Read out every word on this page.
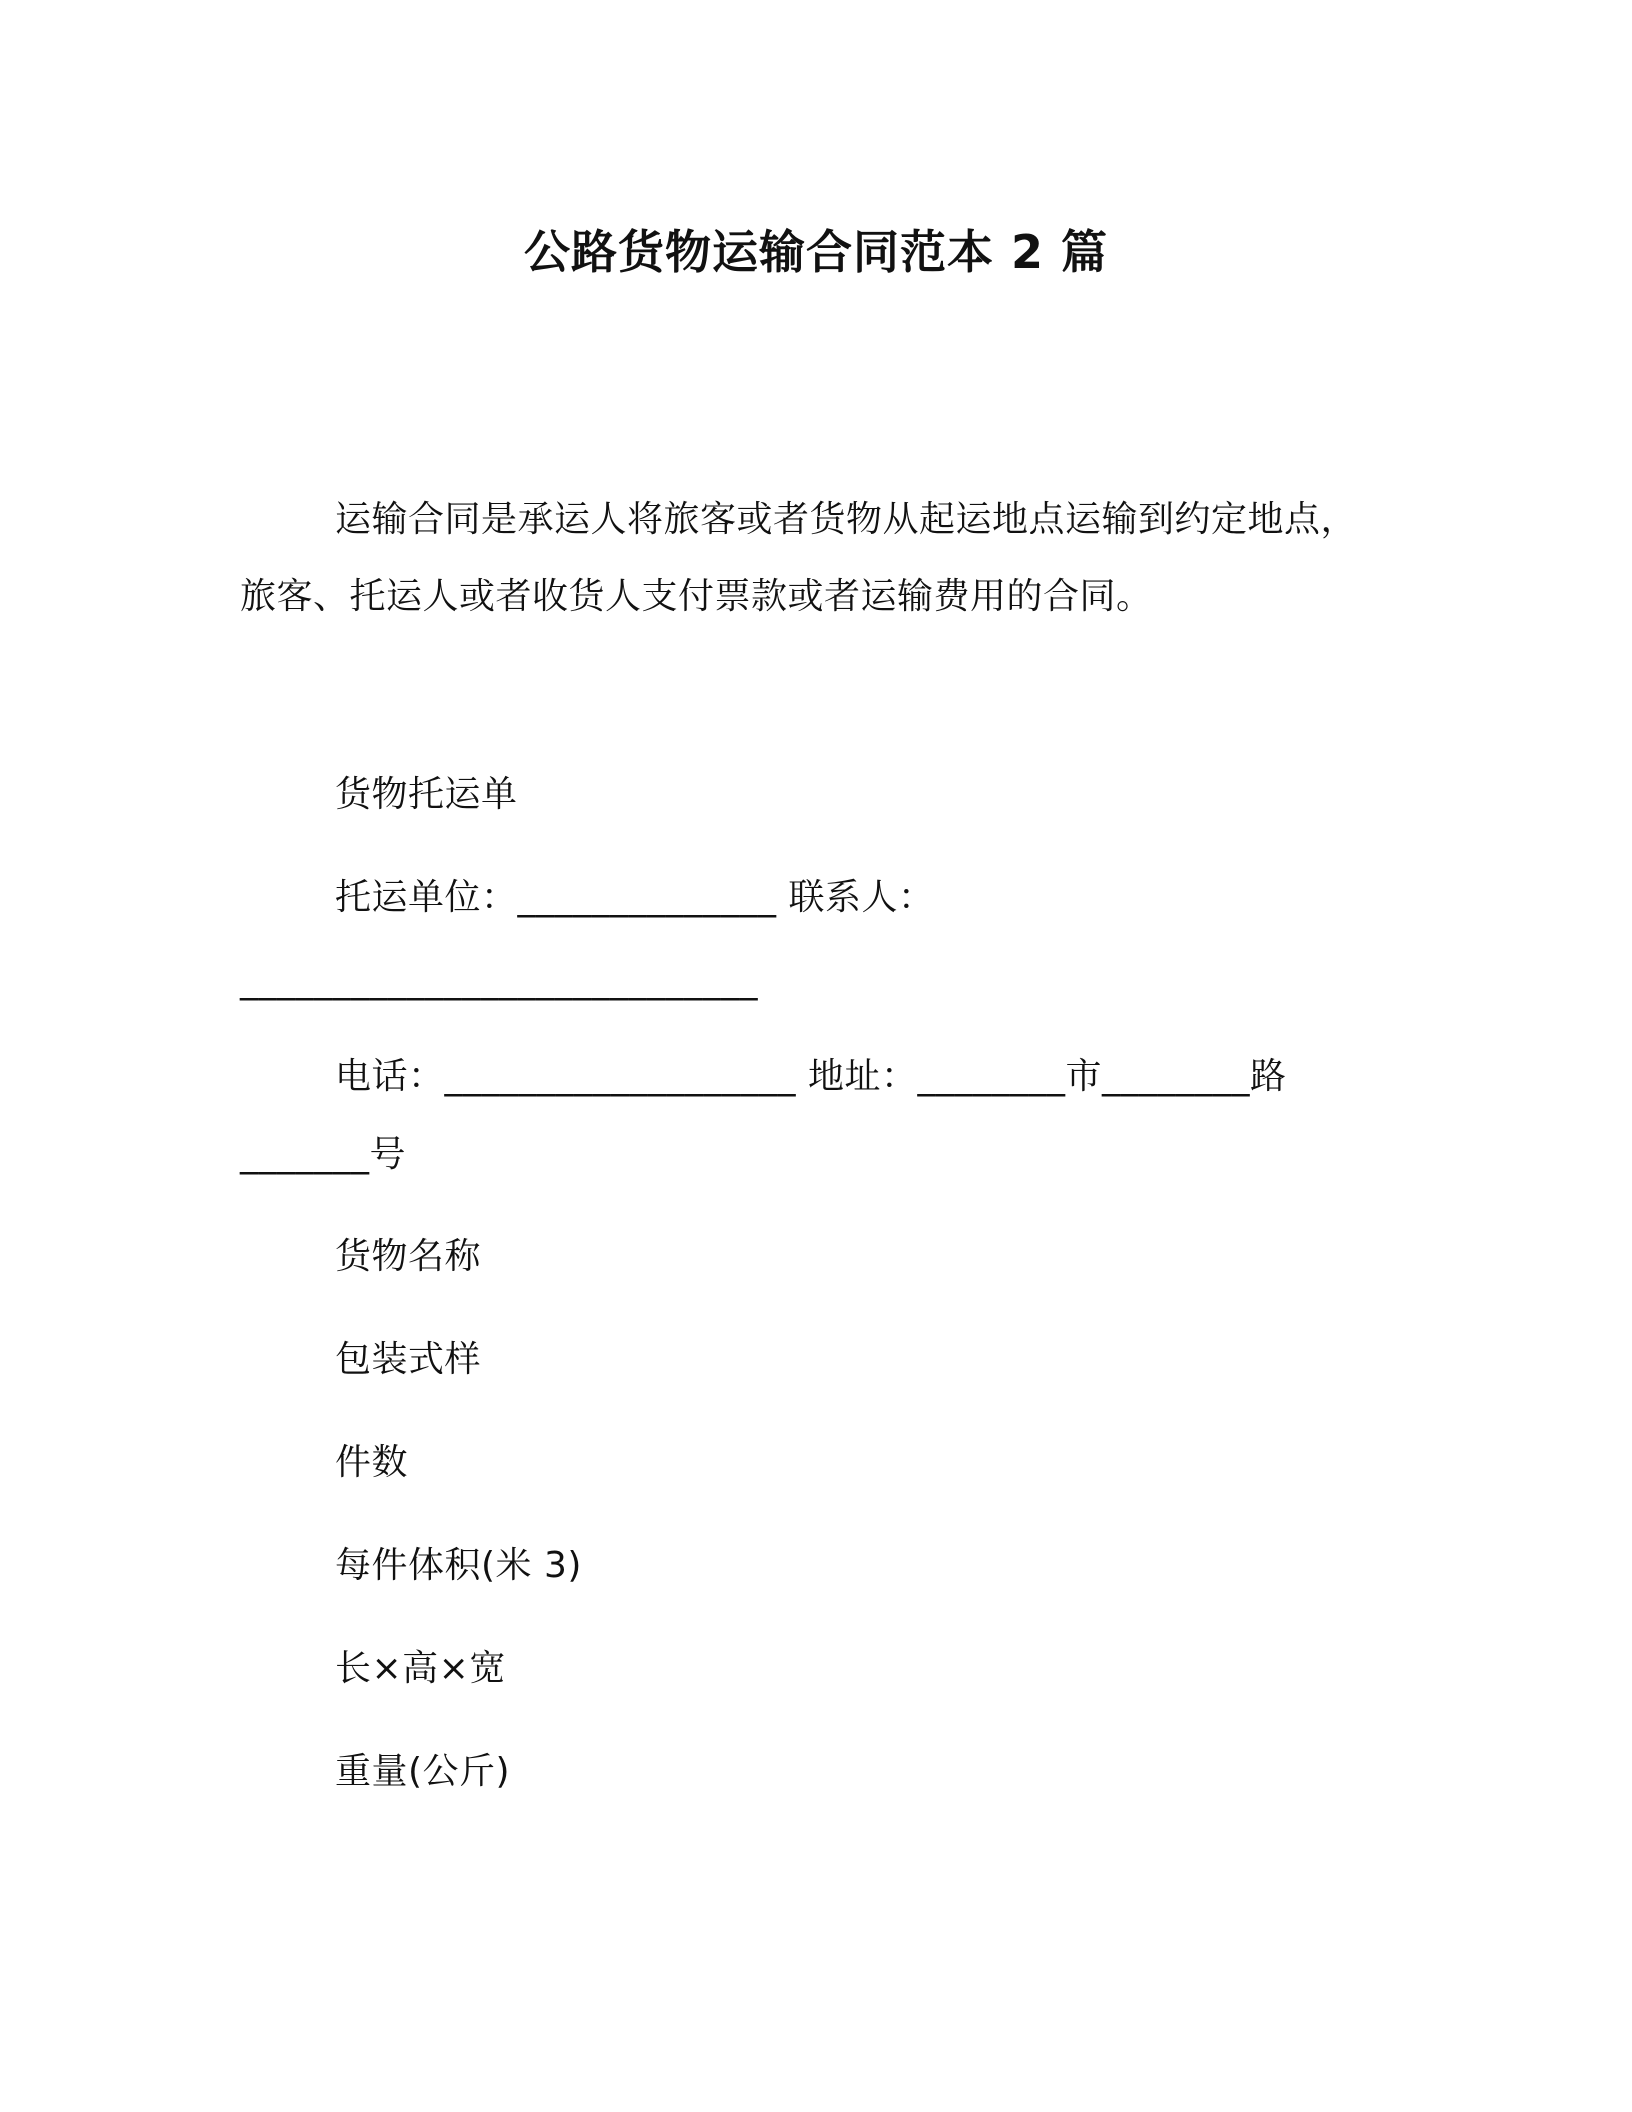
公路货物运输合同范本 2 篇
运输合同是承运人将旅客或者货物从起运地点运输到约定地点，
旅客、托运人或者收货人支付票款或者运输费用的合同。
货物托运单
托运单位：______________ 联系人：
____________________________
电话：___________________ 地址：________市________路
_______号
货物名称
包装式样
件数
每件体积(米 3)
长×高×宽
重量(公斤)
